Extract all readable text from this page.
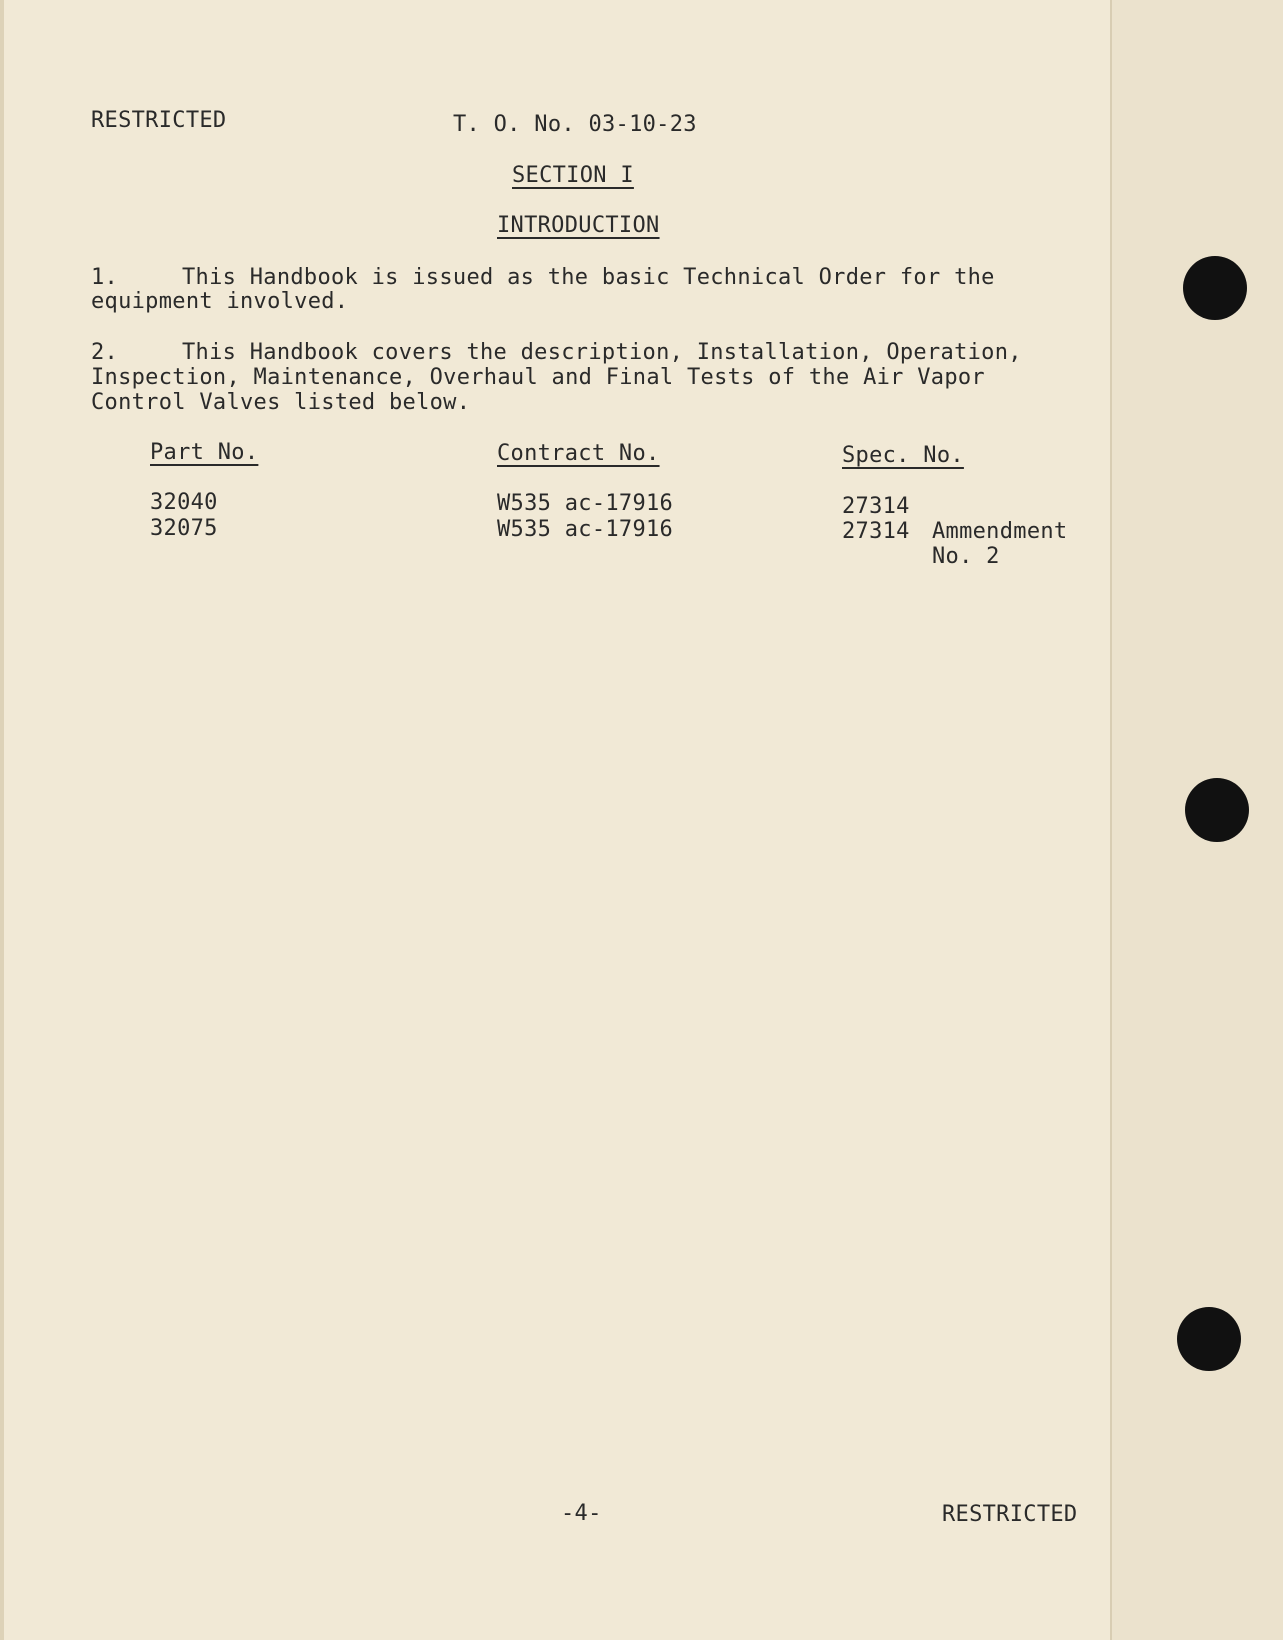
RESTRICTED	T. O. No. 03-10-23
SECTION I
INTRODUCTION
1.	This Handbook is issued as the basic Technical Order for the
equipment involved.
2.	This Handbook covers the description, Installation, Operation,
Inspection, Maintenance, Overhaul and Final Tests of the Air Vapor
Control Valves listed below.
Part No.	Contract No.	Spec. No.
32040	W535 ac-17916	27314
32075	W535 ac-17916	27314 Ammendment
No. 2
-4-	RESTRICTED
